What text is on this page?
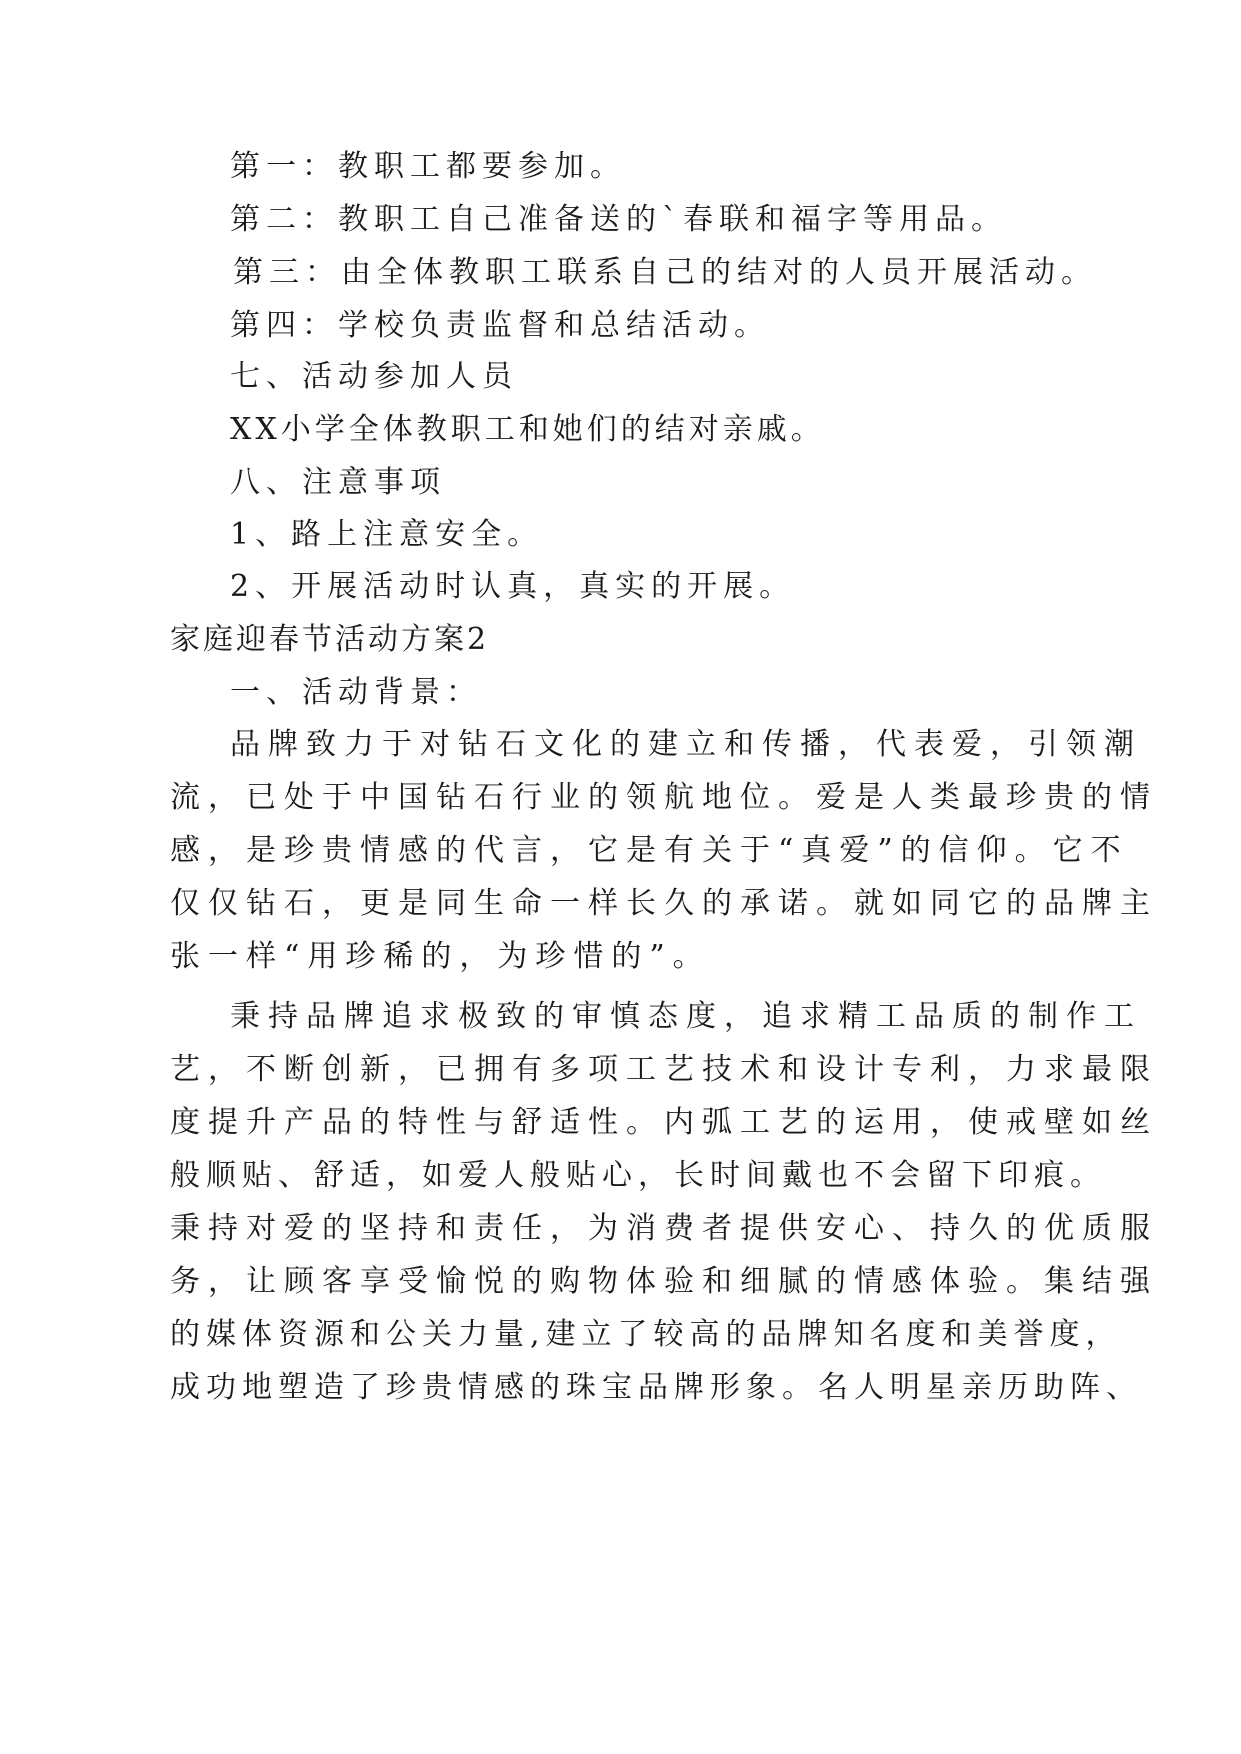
第一：教职工都要参加。
第二：教职工自己准备送的`春联和福字等用品。
第三：由全体教职工联系自己的结对的人员开展活动。
第四：学校负责监督和总结活动。
七、活动参加人员
XX小学全体教职工和她们的结对亲戚。
八、注意事项
1、路上注意安全。
2、开展活动时认真，真实的开展。
家庭迎春节活动方案2
一、活动背景：
品牌致力于对钻石文化的建立和传播，代表爱，引领潮
流，已处于中国钻石行业的领航地位。爱是人类最珍贵的情
感，是珍贵情感的代言，它是有关于“真爱”的信仰。它不
仅仅钻石，更是同生命一样长久的承诺。就如同它的品牌主
张一样“用珍稀的，为珍惜的”。
秉持品牌追求极致的审慎态度，追求精工品质的制作工
艺，不断创新，已拥有多项工艺技术和设计专利，力求最限
度提升产品的特性与舒适性。内弧工艺的运用，使戒壁如丝
般顺贴、舒适，如爱人般贴心，长时间戴也不会留下印痕。
秉持对爱的坚持和责任，为消费者提供安心、持久的优质服
务，让顾客享受愉悦的购物体验和细腻的情感体验。集结强
的媒体资源和公关力量,建立了较高的品牌知名度和美誉度，
成功地塑造了珍贵情感的珠宝品牌形象。名人明星亲历助阵、
